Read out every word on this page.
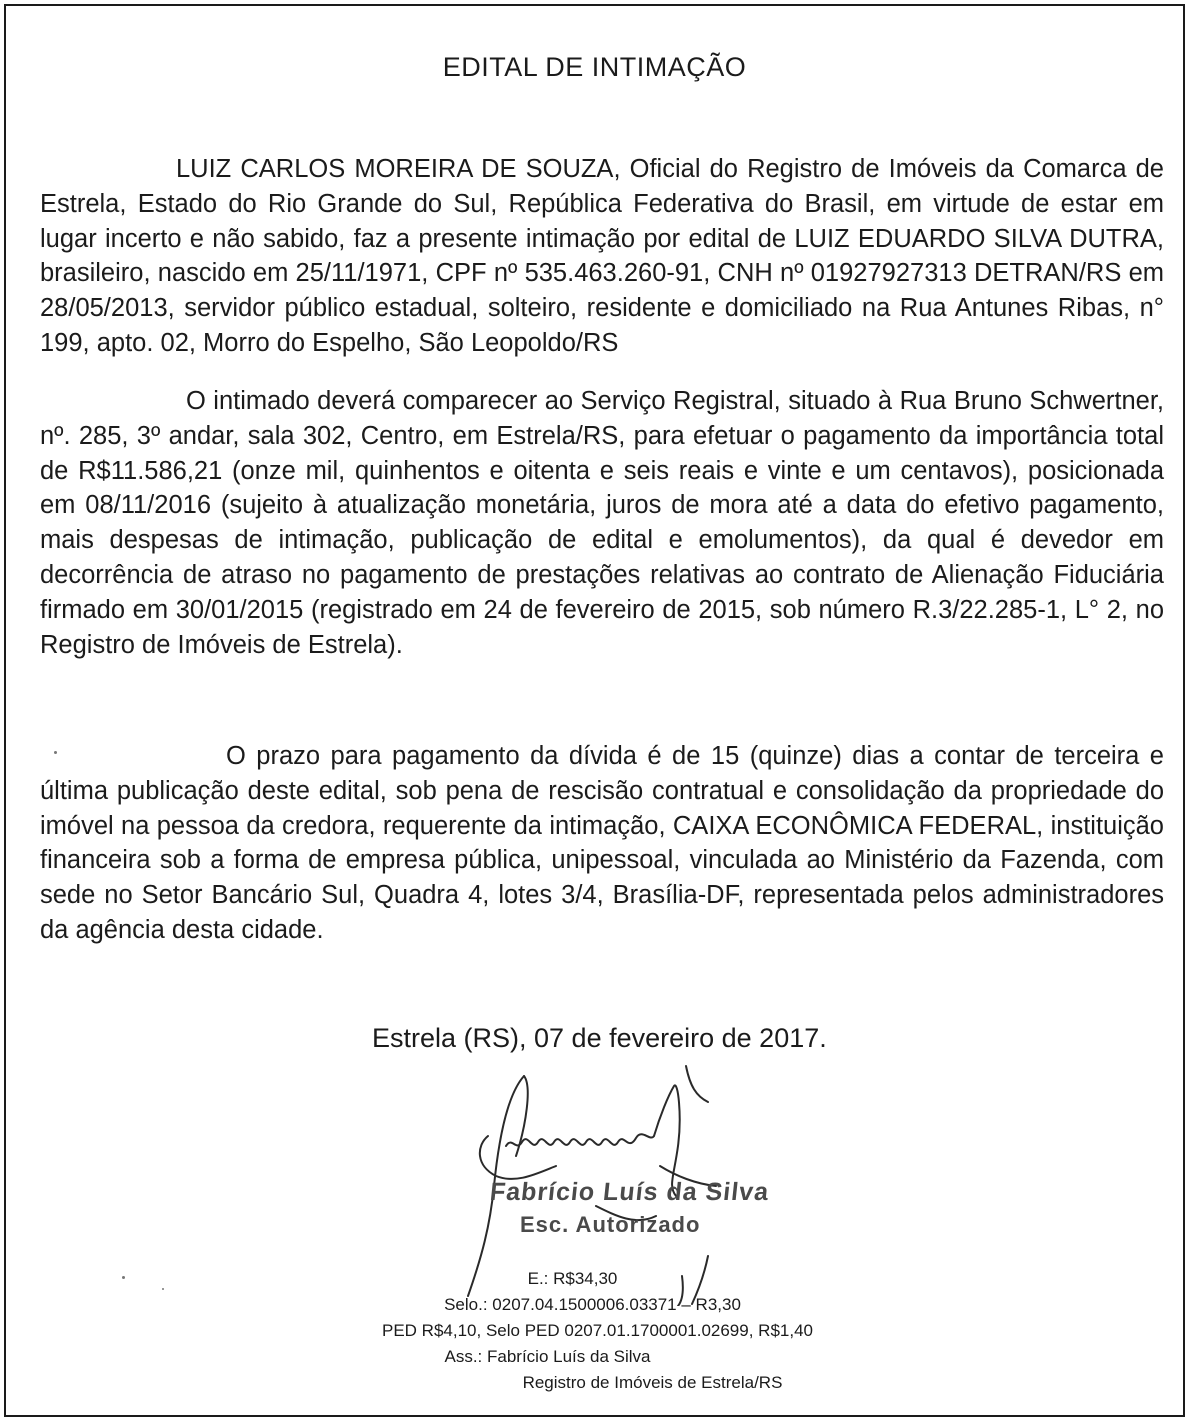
EDITAL DE INTIMAÇÃO

LUIZ CARLOS MOREIRA DE SOUZA, Oficial do Registro de Imóveis da Comarca de Estrela, Estado do Rio Grande do Sul, República Federativa do Brasil, em virtude de estar em lugar incerto e não sabido, faz a presente intimação por edital de LUIZ EDUARDO SILVA DUTRA, brasileiro, nascido em 25/11/1971, CPF nº 535.463.260-91, CNH nº 01927927313 DETRAN/RS em 28/05/2013, servidor público estadual, solteiro, residente e domiciliado na Rua Antunes Ribas, n° 199, apto. 02, Morro do Espelho, São Leopoldo/RS

O intimado deverá comparecer ao Serviço Registral, situado à Rua Bruno Schwertner, nº. 285, 3º andar, sala 302, Centro, em Estrela/RS, para efetuar o pagamento da importância total de R$11.586,21 (onze mil, quinhentos e oitenta e seis reais e vinte e um centavos), posicionada em 08/11/2016 (sujeito à atualização monetária, juros de mora até a data do efetivo pagamento, mais despesas de intimação, publicação de edital e emolumentos), da qual é devedor em decorrência de atraso no pagamento de prestações relativas ao contrato de Alienação Fiduciária firmado em 30/01/2015 (registrado em 24 de fevereiro de 2015, sob número R.3/22.285-1, L° 2, no Registro de Imóveis de Estrela).

O prazo para pagamento da dívida é de 15 (quinze) dias a contar de terceira e última publicação deste edital, sob pena de rescisão contratual e consolidação da propriedade do imóvel na pessoa da credora, requerente da intimação, CAIXA ECONÔMICA FEDERAL, instituição financeira sob a forma de empresa pública, unipessoal, vinculada ao Ministério da Fazenda, com sede no Setor Bancário Sul, Quadra 4, lotes 3/4, Brasília-DF, representada pelos administradores da agência desta cidade.

Estrela (RS), 07 de fevereiro de 2017.
Fabrício Luís da Silva
Esc. Autorizado
E.: R$34,30
Selo.: 0207.04.1500006.03371 – R3,30
PED R$4,10, Selo PED 0207.01.1700001.02699, R$1,40
Ass.: Fabrício Luís da Silva
Registro de Imóveis de Estrela/RS
